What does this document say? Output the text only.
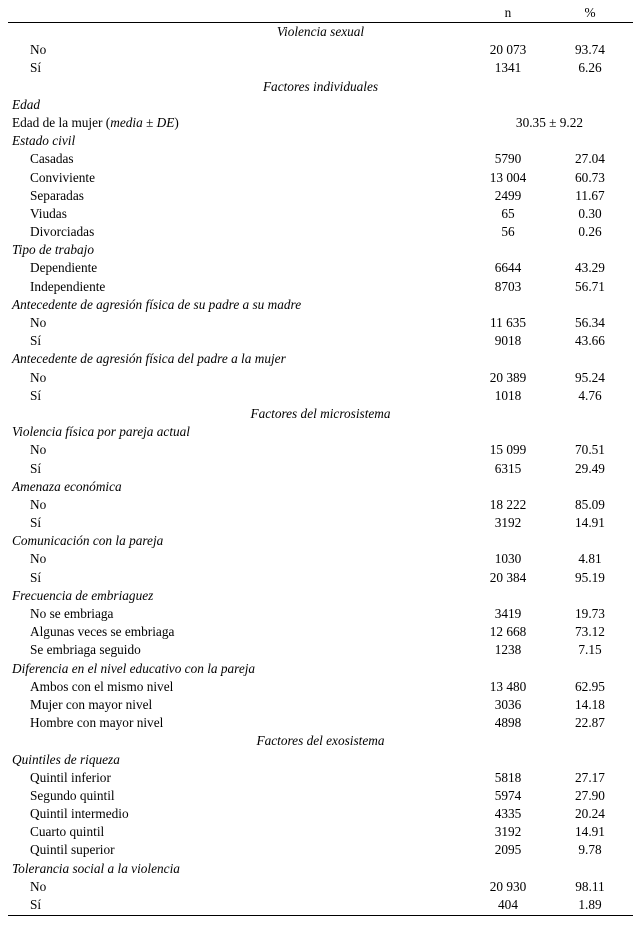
n	%
Violencia sexual
No	20 073	93.74
Sí	1341	6.26
Factores individuales
Edad
Edad de la mujer (media ± DE)	30.35 ± 9.22
Estado civil
Casadas	5790	27.04
Conviviente	13 004	60.73
Separadas	2499	11.67
Viudas	65	0.30
Divorciadas	56	0.26
Tipo de trabajo
Dependiente	6644	43.29
Independiente	8703	56.71
Antecedente de agresión física de su padre a su madre
No	11 635	56.34
Sí	9018	43.66
Antecedente de agresión física del padre a la mujer
No	20 389	95.24
Sí	1018	4.76
Factores del microsistema
Violencia física por pareja actual
No	15 099	70.51
Sí	6315	29.49
Amenaza económica
No	18 222	85.09
Sí	3192	14.91
Comunicación con la pareja
No	1030	4.81
Sí	20 384	95.19
Frecuencia de embriaguez
No se embriaga	3419	19.73
Algunas veces se embriaga	12 668	73.12
Se embriaga seguido	1238	7.15
Diferencia en el nivel educativo con la pareja
Ambos con el mismo nivel	13 480	62.95
Mujer con mayor nivel	3036	14.18
Hombre con mayor nivel	4898	22.87
Factores del exosistema
Quintiles de riqueza
Quintil inferior	5818	27.17
Segundo quintil	5974	27.90
Quintil intermedio	4335	20.24
Cuarto quintil	3192	14.91
Quintil superior	2095	9.78
Tolerancia social a la violencia
No	20 930	98.11
Sí	404	1.89
